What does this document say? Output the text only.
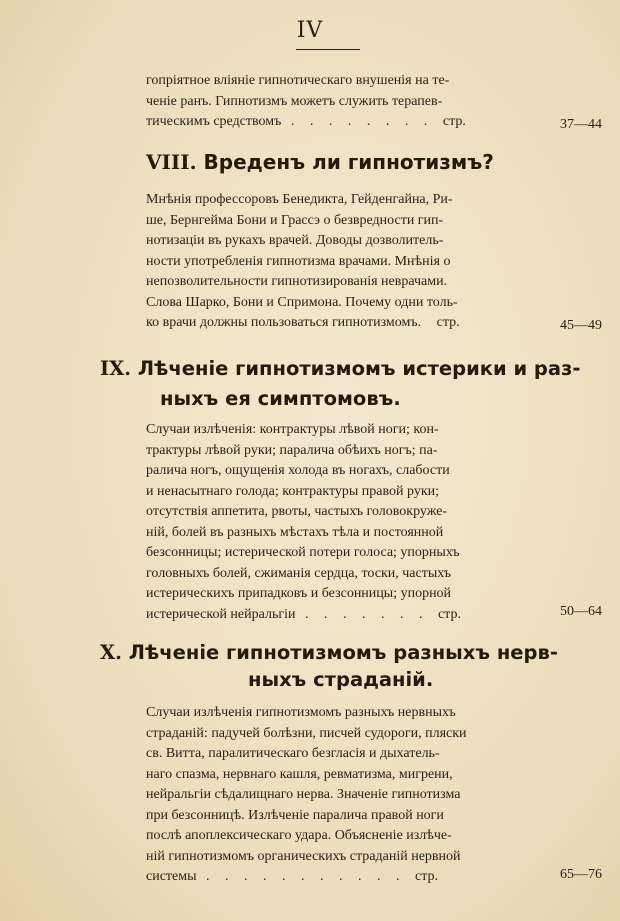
IV
гопріятное вліяніе гипнотическаго внушенія на те-
ченіе ранъ. Гипнотизмъ можетъ служить терапев-
тическимъ средствомъ . . . . . . . . стр.	37—44
VIII. Вреденъ ли гипнотизмъ?
Мнѣнія профессоровъ Бенедикта, Гейденгайна, Ри-
ше, Бернгейма Бони и Грассэ о безвредности гип-
нотизаціи въ рукахъ врачей. Доводы дозволитель-
ности употребленія гипнотизма врачами. Мнѣнія о
непозволительности гипнотизированія неврачами.
Слова Шарко, Бони и Спримона. Почему одни толь-
ко врачи должны пользоваться гипнотизмомъ. стр.	45—49
IX. Лѣченіе гипнотизмомъ истерики и раз-
ныхъ ея симптомовъ.
Случаи излѣченія: контрактуры лѣвой ноги; кон-
трактуры лѣвой руки; паралича обѣихъ ногъ; па-
ралича ногъ, ощущенія холода въ ногахъ, слабости
и ненасытнаго голода; контрактуры правой руки;
отсутствія аппетита, рвоты, частыхъ головокруже-
ній, болей въ разныхъ мѣстахъ тѣла и постоянной
безсонницы; истерической потери голоса; упорныхъ
головныхъ болей, сжиманія сердца, тоски, частыхъ
истерическихъ припадковъ и безсонницы; упорной
истерической нейральгіи . . . . . . . стр.	50—64
X. Лѣченіе гипнотизмомъ разныхъ нерв-
ныхъ страданій.
Случаи излѣченія гипнотизмомъ разныхъ нервныхъ
страданій: падучей болѣзни, писчей судороги, пляски
св. Витта, паралитическаго безгласія и дыхатель-
наго спазма, нервнаго кашля, ревматизма, мигрени,
нейральгіи сѣдалищнаго нерва. Значеніе гипнотизма
при безсонницѣ. Излѣченіе паралича правой ноги
послѣ апоплексическаго удара. Объясненіе излѣче-
ній гипнотизмомъ органическихъ страданій нервной
системы . . . . . . . . . . . стр.	65—76
